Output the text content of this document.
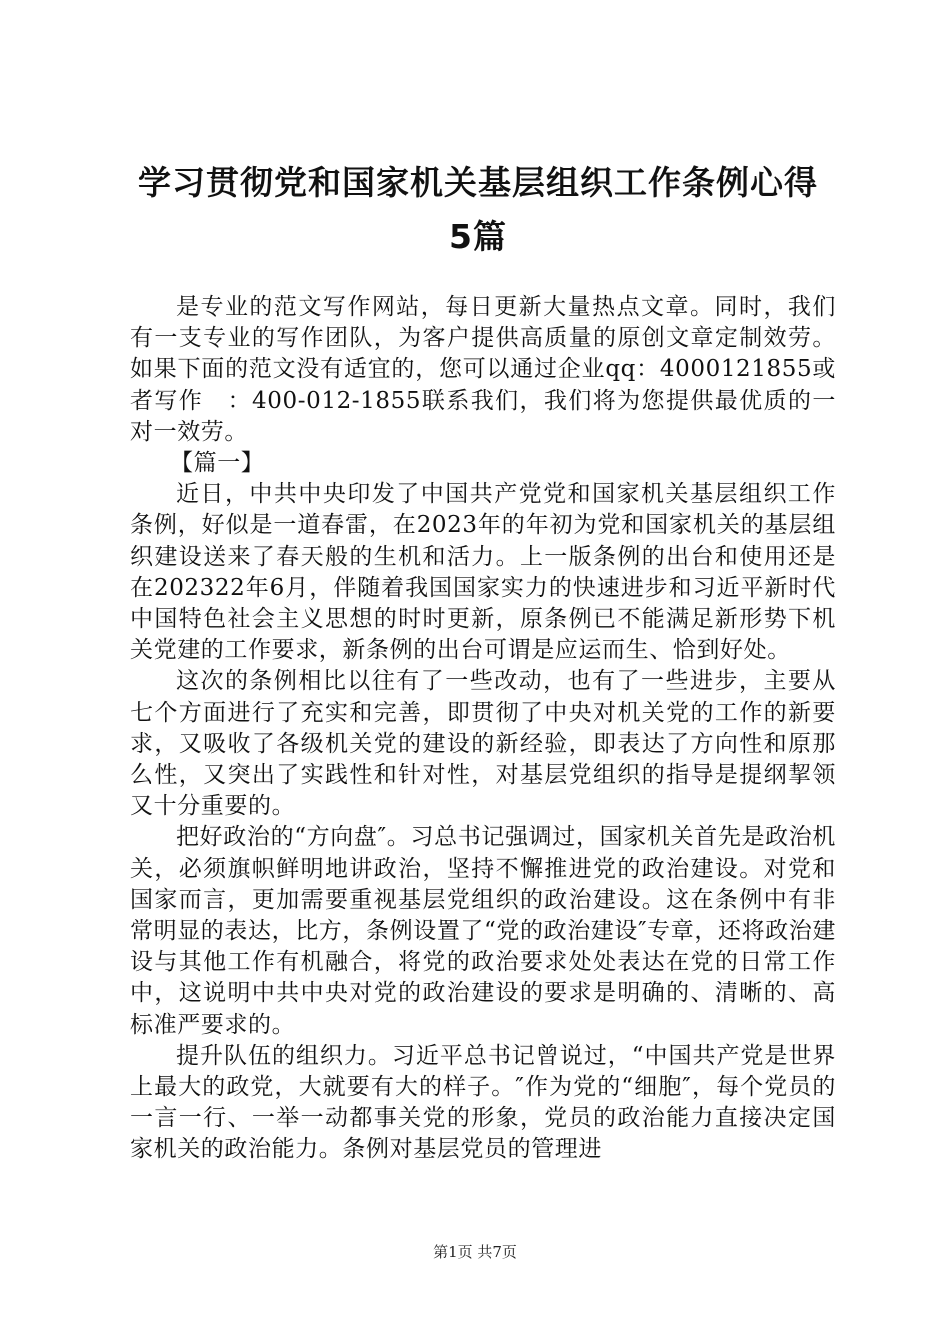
学习贯彻党和国家机关基层组织工作条例心得
5篇

是专业的范文写作网站，每日更新大量热点文章。同时，我们有一支专业的写作团队，为客户提供高质量的原创文章定制效劳。如果下面的范文没有适宜的，您可以通过企业qq：4000121855或者写作　：400-012-1855联系我们，我们将为您提供最优质的一对一效劳。

【篇一】

近日，中共中央印发了中国共产党党和国家机关基层组织工作条例，好似是一道春雷，在2023年的年初为党和国家机关的基层组织建设送来了春天般的生机和活力。上一版条例的出台和使用还是在202322年6月，伴随着我国国家实力的快速进步和习近平新时代中国特色社会主义思想的时时更新，原条例已不能满足新形势下机关党建的工作要求，新条例的出台可谓是应运而生、恰到好处。

这次的条例相比以往有了一些改动，也有了一些进步，主要从七个方面进行了充实和完善，即贯彻了中央对机关党的工作的新要求，又吸收了各级机关党的建设的新经验，即表达了方向性和原那么性，又突出了实践性和针对性，对基层党组织的指导是提纲挈领又十分重要的。

把好政治的“方向盘″。习总书记强调过，国家机关首先是政治机关，必须旗帜鲜明地讲政治，坚持不懈推进党的政治建设。对党和国家而言，更加需要重视基层党组织的政治建设。这在条例中有非常明显的表达，比方，条例设置了“党的政治建设″专章，还将政治建设与其他工作有机融合，将党的政治要求处处表达在党的日常工作中，这说明中共中央对党的政治建设的要求是明确的、清晰的、高标准严要求的。

提升队伍的组织力。习近平总书记曾说过，“中国共产党是世界上最大的政党，大就要有大的样子。″作为党的“细胞″，每个党员的一言一行、一举一动都事关党的形象，党员的政治能力直接决定国家机关的政治能力。条例对基层党员的管理进

第1页 共7页
